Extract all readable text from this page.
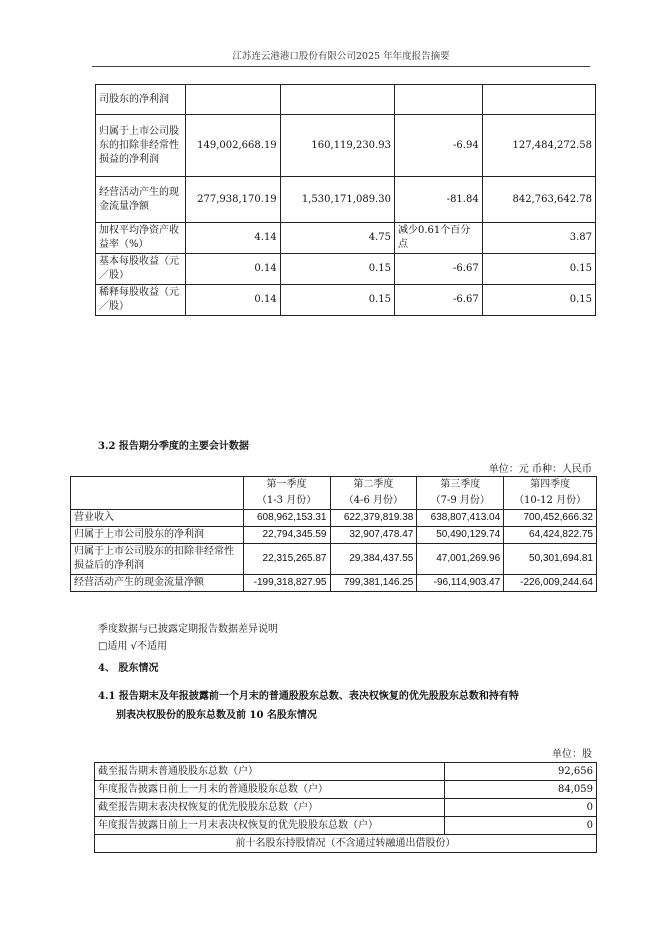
江苏连云港港口股份有限公司2025 年年度报告摘要
司股东的净利润				
归属于上市公司股东的扣除非经常性损益的净利润	149,002,668.19	160,119,230.93	-6.94	127,484,272.58
经营活动产生的现金流量净额	277,938,170.19	1,530,171,089.30	-81.84	842,763,642.78
加权平均净资产收益率（%）	4.14	4.75	减少0.61个百分点	3.87
基本每股收益（元／股）	0.14	0.15	-6.67	0.15
稀释每股收益（元／股）	0.14	0.15	-6.67	0.15
3.2 报告期分季度的主要会计数据
单位：元 币种：人民币
	第一季度	第二季度	第三季度	第四季度
	（1-3 月份）	（4-6 月份）	（7-9 月份）	（10-12 月份）
营业收入	608,962,153.31	622,379,819.38	638,807,413.04	700,452,666.32
归属于上市公司股东的净利润	22,794,345.59	32,907,478.47	50,490,129.74	64,424,822.75
归属于上市公司股东的扣除非经常性损益后的净利润	22,315,265.87	29,384,437.55	47,001,269.96	50,301,694.81
经营活动产生的现金流量净额	-199,318,827.95	799,381,146.25	-96,114,903.47	-226,009,244.64
季度数据与已披露定期报告数据差异说明
□适用 √不适用
4、 股东情况
4.1 报告期末及年报披露前一个月末的普通股股东总数、表决权恢复的优先股股东总数和持有特
别表决权股份的股东总数及前 10 名股东情况
单位：股
截至报告期末普通股股东总数（户）	92,656
年度报告披露日前上一月末的普通股股东总数（户）	84,059
截至报告期末表决权恢复的优先股股东总数（户）	0
年度报告披露日前上一月末表决权恢复的优先股股东总数（户）	0
前十名股东持股情况（不含通过转融通出借股份）	
